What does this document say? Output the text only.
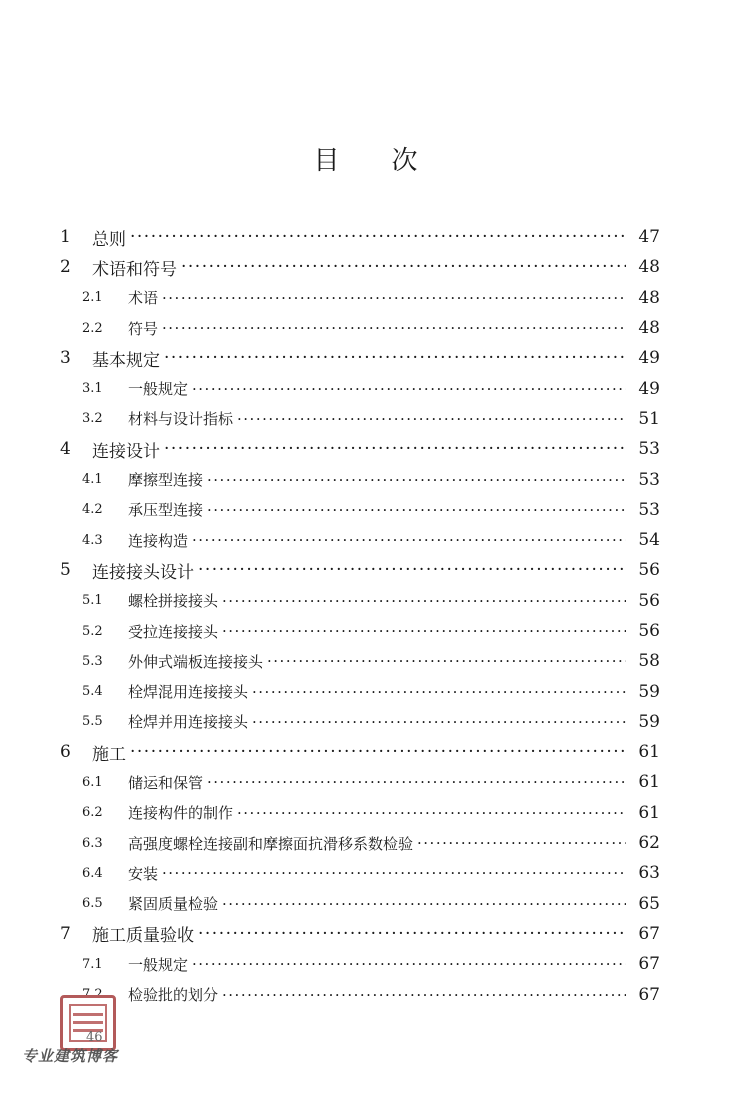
目 次
1	总则 ·····	47
2	术语和符号 ·····	48
2.1	术语 ·····	48
2.2	符号 ·····	48
3	基本规定 ·····	49
3.1	一般规定 ·····	49
3.2	材料与设计指标 ·····	51
4	连接设计 ·····	53
4.1	摩擦型连接 ·····	53
4.2	承压型连接 ·····	53
4.3	连接构造 ·····	54
5	连接接头设计 ·····	56
5.1	螺栓拼接接头 ·····	56
5.2	受拉连接接头 ·····	56
5.3	外伸式端板连接接头 ·····	58
5.4	栓焊混用连接接头 ·····	59
5.5	栓焊并用连接接头 ·····	59
6	施工 ·····	61
6.1	储运和保管 ·····	61
6.2	连接构件的制作 ·····	61
6.3	高强度螺栓连接副和摩擦面抗滑移系数检验 ·····	62
6.4	安装 ·····	63
6.5	紧固质量检验 ·····	65
7	施工质量验收 ·····	67
7.1	一般规定 ·····	67
7.2	检验批的划分 ·····	67
46
专业建筑博客
